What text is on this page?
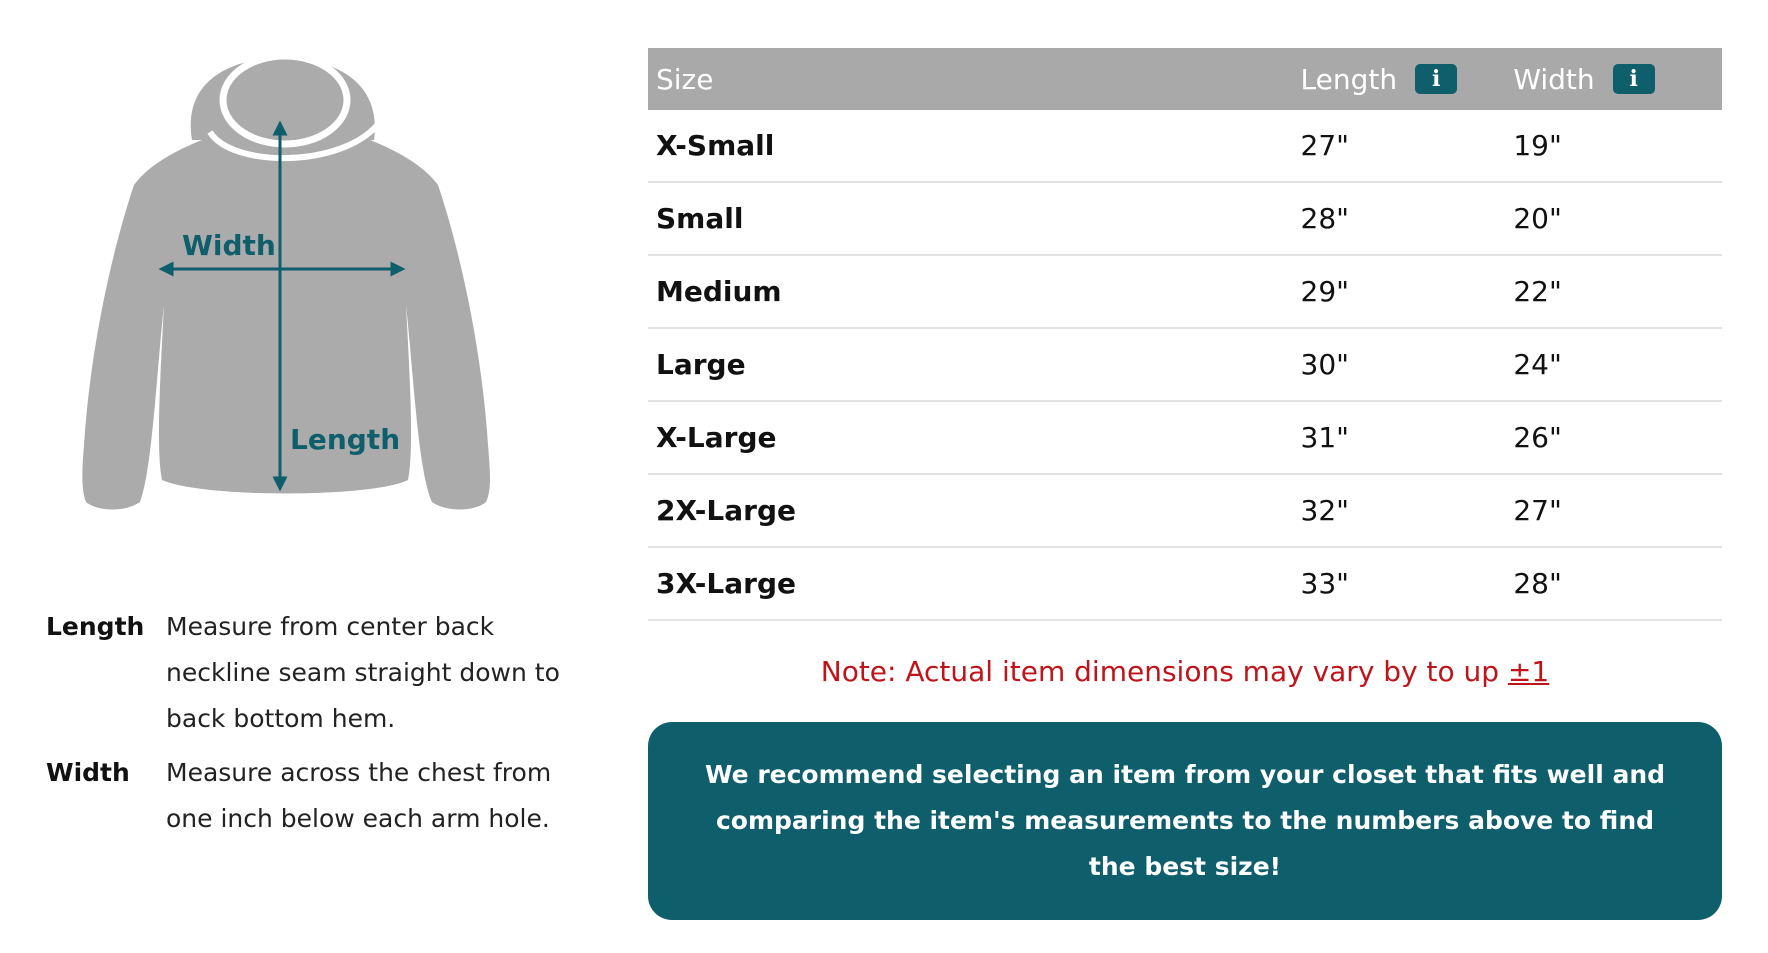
Width
Length
Length Measure from center back neckline seam straight down to back bottom hem.
Width	Measure across the chest from one inch below each arm hole.
Size	Length i	Width i
X-Small	27"	19"
Small	28"	20"
Medium	29"	22"
Large	30"	24"
X-Large	31"	26"
2X-Large	32"	27"
3X-Large	33"	28"
Note: Actual item dimensions may vary by to up ±1

We recommend selecting an item from your closet that fits well and comparing the item's measurements to the numbers above to find the best size!
